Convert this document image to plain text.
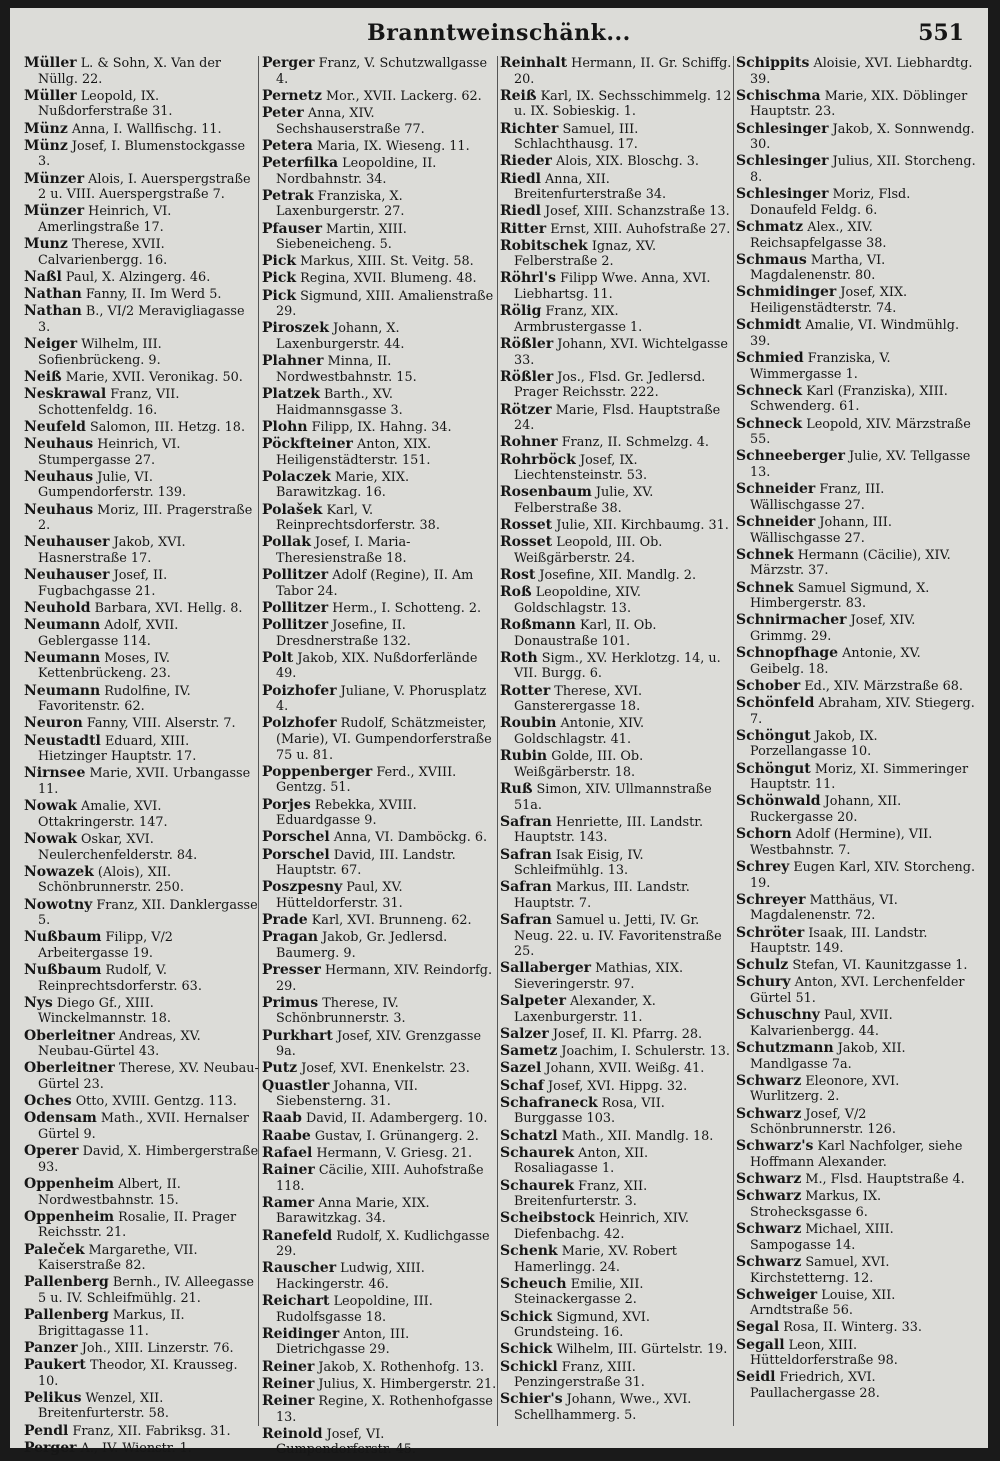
Branntweinschänk...	551
Müller L. & Sohn, X. Van der Nüllg. 22.
Müller Leopold, IX. Nußdorferstraße 31.
Münz Anna, I. Wallfischg. 11.
Münz Josef, I. Blumenstockgasse 3.
Münzer Alois, I. Auerspergstraße 2 u. VIII. Auerspergstraße 7.
Münzer Heinrich, VI. Amerlingstraße 17.
Munz Therese, XVII. Calvarienbergg. 16.
Naßl Paul, X. Alzingerg. 46.
Nathan Fanny, II. Im Werd 5.
Nathan B., VI/2 Meravigliagasse 3.
Neiger Wilhelm, III. Sofienbrückeng. 9.
Neiß Marie, XVII. Veronikag. 50.
Neskrawal Franz, VII. Schottenfeldg. 16.
Neufeld Salomon, III. Hetzg. 18.
Neuhaus Heinrich, VI. Stumpergasse 27.
Neuhaus Julie, VI. Gumpendorferstr. 139.
Neuhaus Moriz, III. Pragerstraße 2.
Neuhauser Jakob, XVI. Hasnerstraße 17.
Neuhauser Josef, II. Fugbachgasse 21.
Neuhold Barbara, XVI. Hellg. 8.
Neumann Adolf, XVII. Geblergasse 114.
Neumann Moses, IV. Kettenbrückeng. 23.
Neumann Rudolfine, IV. Favoritenstr. 62.
Neuron Fanny, VIII. Alserstr. 7.
Neustadtl Eduard, XIII. Hietzinger Hauptstr. 17.
Nirnsee Marie, XVII. Urbangasse 11.
Nowak Amalie, XVI. Ottakringerstr. 147.
Nowak Oskar, XVI. Neulerchenfelderstr. 84.
Nowazek (Alois), XII. Schönbrunnerstr. 250.
Nowotny Franz, XII. Danklergasse 5.
Nußbaum Filipp, V/2 Arbeitergasse 19.
Nußbaum Rudolf, V. Reinprechtsdorferstr. 63.
Nys Diego Gf., XIII. Winckelmannstr. 18.
Oberleitner Andreas, XV. Neubau-Gürtel 43.
Oberleitner Therese, XV. Neubau-Gürtel 23.
Oches Otto, XVIII. Gentzg. 113.
Odensam Math., XVII. Hernalser Gürtel 9.
Operer David, X. Himbergerstraße 93.
Oppenheim Albert, II. Nordwestbahnstr. 15.
Oppenheim Rosalie, II. Prager Reichsstr. 21.
Paleček Margarethe, VII. Kaiserstraße 82.
Pallenberg Bernh., IV. Alleegasse 5 u. IV. Schleifmühlg. 21.
Pallenberg Markus, II. Brigittagasse 11.
Panzer Joh., XIII. Linzerstr. 76.
Paukert Theodor, XI. Krausseg. 10.
Pelikus Wenzel, XII. Breitenfurterstr. 58.
Pendl Franz, XII. Fabriksg. 31.
Perger A., IV. Wienstr. 1.
Perger Franz, V. Schutzwallgasse 4.
Pernetz Mor., XVII. Lackerg. 62.
Peter Anna, XIV. Sechshauserstraße 77.
Petera Maria, IX. Wieseng. 11.
Peterfilka Leopoldine, II. Nordbahnstr. 34.
Petrak Franziska, X. Laxenburgerstr. 27.
Pfauser Martin, XIII. Siebeneicheng. 5.
Pick Markus, XIII. St. Veitg. 58.
Pick Regina, XVII. Blumeng. 48.
Pick Sigmund, XIII. Amalienstraße 29.
Piroszek Johann, X. Laxenburgerstr. 44.
Plahner Minna, II. Nordwestbahnstr. 15.
Platzek Barth., XV. Haidmannsgasse 3.
Plohn Filipp, IX. Hahng. 34.
Pöckfteiner Anton, XIX. Heiligenstädterstr. 151.
Polaczek Marie, XIX. Barawitzkag. 16.
Polašek Karl, V. Reinprechtsdorferstr. 38.
Pollak Josef, I. Maria-Theresienstraße 18.
Pollitzer Adolf (Regine), II. Am Tabor 24.
Pollitzer Herm., I. Schotteng. 2.
Pollitzer Josefine, II. Dresdnerstraße 132.
Polt Jakob, XIX. Nußdorferlände 49.
Poizhofer Juliane, V. Phorusplatz 4.
Polzhofer Rudolf, Schätzmeister, (Marie), VI. Gumpendorferstraße 75 u. 81.
Poppenberger Ferd., XVIII. Gentzg. 51.
Porjes Rebekka, XVIII. Eduardgasse 9.
Porschel Anna, VI. Damböckg. 6.
Porschel David, III. Landstr. Hauptstr. 67.
Poszpesny Paul, XV. Hütteldorferstr. 31.
Prade Karl, XVI. Brunneng. 62.
Pragan Jakob, Gr. Jedlersd. Baumerg. 9.
Presser Hermann, XIV. Reindorfg. 29.
Primus Therese, IV. Schönbrunnerstr. 3.
Purkhart Josef, XIV. Grenzgasse 9a.
Putz Josef, XVI. Enenkelstr. 23.
Quastler Johanna, VII. Siebensterng. 31.
Raab David, II. Adambergerg. 10.
Raabe Gustav, I. Grünangerg. 2.
Rafael Hermann, V. Griesg. 21.
Rainer Cäcilie, XIII. Auhofstraße 118.
Ramer Anna Marie, XIX. Barawitzkag. 34.
Ranefeld Rudolf, X. Kudlichgasse 29.
Rauscher Ludwig, XIII. Hackingerstr. 46.
Reichart Leopoldine, III. Rudolfsgasse 18.
Reidinger Anton, III. Dietrichgasse 29.
Reiner Jakob, X. Rothenhofg. 13.
Reiner Julius, X. Himbergerstr. 21.
Reiner Regine, X. Rothenhofgasse 13.
Reinold Josef, VI. Gumpendorferstr. 45.
Reinhalt Hermann, II. Gr. Schiffg. 20.
Reiß Karl, IX. Sechsschimmelg. 12 u. IX. Sobieskig. 1.
Richter Samuel, III. Schlachthausg. 17.
Rieder Alois, XIX. Bloschg. 3.
Riedl Anna, XII. Breitenfurterstraße 34.
Riedl Josef, XIII. Schanzstraße 13.
Ritter Ernst, XIII. Auhofstraße 27.
Robitschek Ignaz, XV. Felberstraße 2.
Röhrl's Filipp Wwe. Anna, XVI. Liebhartsg. 11.
Rölig Franz, XIX. Armbrustergasse 1.
Rößler Johann, XVI. Wichtelgasse 33.
Rößler Jos., Flsd. Gr. Jedlersd. Prager Reichsstr. 222.
Rötzer Marie, Flsd. Hauptstraße 24.
Rohner Franz, II. Schmelzg. 4.
Rohrböck Josef, IX. Liechtensteinstr. 53.
Rosenbaum Julie, XV. Felberstraße 38.
Rosset Julie, XII. Kirchbaumg. 31.
Rosset Leopold, III. Ob. Weißgärberstr. 24.
Rost Josefine, XII. Mandlg. 2.
Roß Leopoldine, XIV. Goldschlagstr. 13.
Roßmann Karl, II. Ob. Donaustraße 101.
Roth Sigm., XV. Herklotzg. 14, u. VII. Burgg. 6.
Rotter Therese, XVI. Gansterergasse 18.
Roubin Antonie, XIV. Goldschlagstr. 41.
Rubin Golde, III. Ob. Weißgärberstr. 18.
Ruß Simon, XIV. Ullmannstraße 51a.
Safran Henriette, III. Landstr. Hauptstr. 143.
Safran Isak Eisig, IV. Schleifmühlg. 13.
Safran Markus, III. Landstr. Hauptstr. 7.
Safran Samuel u. Jetti, IV. Gr. Neug. 22. u. IV. Favoritenstraße 25.
Sallaberger Mathias, XIX. Sieveringerstr. 97.
Salpeter Alexander, X. Laxenburgerstr. 11.
Salzer Josef, II. Kl. Pfarrg. 28.
Sametz Joachim, I. Schulerstr. 13.
Sazel Johann, XVII. Weißg. 41.
Schaf Josef, XVI. Hippg. 32.
Schafraneck Rosa, VII. Burggasse 103.
Schatzl Math., XII. Mandlg. 18.
Schaurek Anton, XII. Rosaliagasse 1.
Schaurek Franz, XII. Breitenfurterstr. 3.
Scheibstock Heinrich, XIV. Diefenbachg. 42.
Schenk Marie, XV. Robert Hamerlingg. 24.
Scheuch Emilie, XII. Steinackergasse 2.
Schick Sigmund, XVI. Grundsteing. 16.
Schick Wilhelm, III. Gürtelstr. 19.
Schickl Franz, XIII. Penzingerstraße 31.
Schier's Johann, Wwe., XVI. Schellhammerg. 5.
Schippits Aloisie, XVI. Liebhardtg. 39.
Schischma Marie, XIX. Döblinger Hauptstr. 23.
Schlesinger Jakob, X. Sonnwendg. 30.
Schlesinger Julius, XII. Storcheng. 8.
Schlesinger Moriz, Flsd. Donaufeld Feldg. 6.
Schmatz Alex., XIV. Reichsapfelgasse 38.
Schmaus Martha, VI. Magdalenenstr. 80.
Schmidinger Josef, XIX. Heiligenstädterstr. 74.
Schmidt Amalie, VI. Windmühlg. 39.
Schmied Franziska, V. Wimmergasse 1.
Schneck Karl (Franziska), XIII. Schwenderg. 61.
Schneck Leopold, XIV. Märzstraße 55.
Schneeberger Julie, XV. Tellgasse 13.
Schneider Franz, III. Wällischgasse 27.
Schneider Johann, III. Wällischgasse 27.
Schnek Hermann (Cäcilie), XIV. Märzstr. 37.
Schnek Samuel Sigmund, X. Himbergerstr. 83.
Schnirmacher Josef, XIV. Grimmg. 29.
Schnopfhage Antonie, XV. Geibelg. 18.
Schober Ed., XIV. Märzstraße 68.
Schönfeld Abraham, XIV. Stiegerg. 7.
Schöngut Jakob, IX. Porzellangasse 10.
Schöngut Moriz, XI. Simmeringer Hauptstr. 11.
Schönwald Johann, XII. Ruckergasse 20.
Schorn Adolf (Hermine), VII. Westbahnstr. 7.
Schrey Eugen Karl, XIV. Storcheng. 19.
Schreyer Matthäus, VI. Magdalenenstr. 72.
Schröter Isaak, III. Landstr. Hauptstr. 149.
Schulz Stefan, VI. Kaunitzgasse 1.
Schury Anton, XVI. Lerchenfelder Gürtel 51.
Schuschny Paul, XVII. Kalvarienbergg. 44.
Schutzmann Jakob, XII. Mandlgasse 7a.
Schwarz Eleonore, XVI. Wurlitzerg. 2.
Schwarz Josef, V/2 Schönbrunnerstr. 126.
Schwarz's Karl Nachfolger, siehe Hoffmann Alexander.
Schwarz M., Flsd. Hauptstraße 4.
Schwarz Markus, IX. Strohecksgasse 6.
Schwarz Michael, XIII. Sampogasse 14.
Schwarz Samuel, XVI. Kirchstetterng. 12.
Schweiger Louise, XII. Arndtstraße 56.
Segal Rosa, II. Winterg. 33.
Segall Leon, XIII. Hütteldorferstraße 98.
Seidl Friedrich, XVI. Paullachergasse 28.
